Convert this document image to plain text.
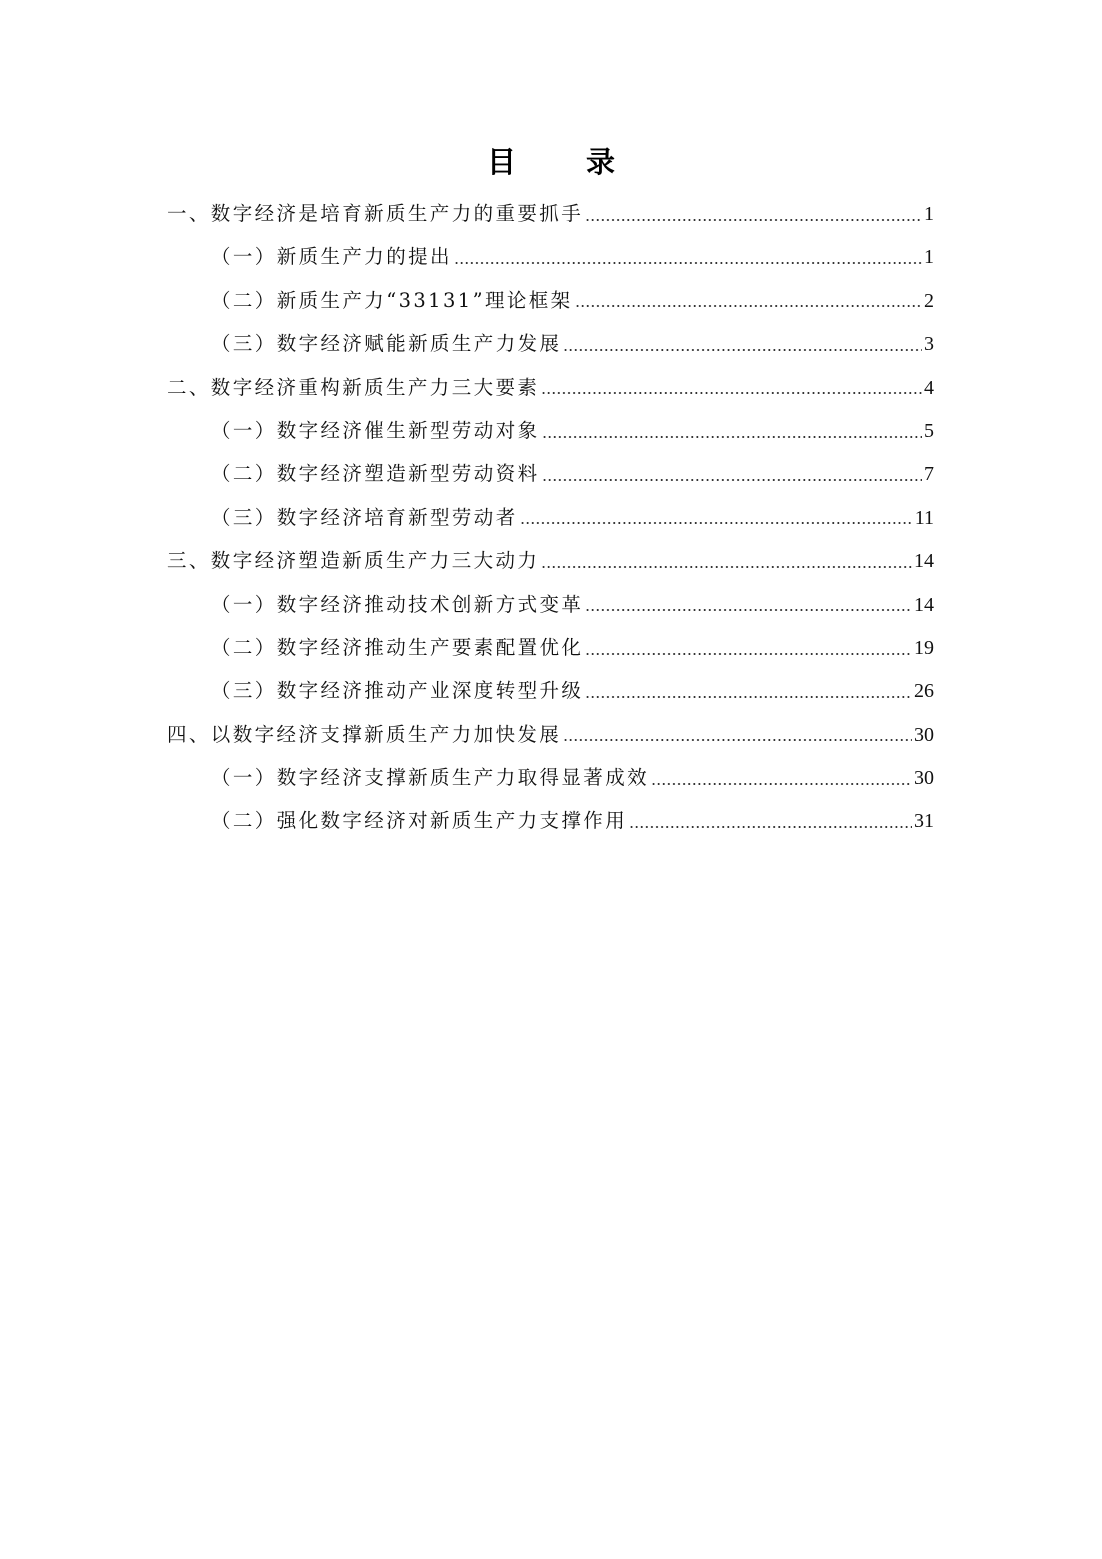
目 录
一、数字经济是培育新质生产力的重要抓手	1
（一）新质生产力的提出	1
（二）新质生产力“33131”理论框架	2
（三）数字经济赋能新质生产力发展	3
二、数字经济重构新质生产力三大要素	4
（一）数字经济催生新型劳动对象	5
（二）数字经济塑造新型劳动资料	7
（三）数字经济培育新型劳动者	11
三、数字经济塑造新质生产力三大动力	14
（一）数字经济推动技术创新方式变革	14
（二）数字经济推动生产要素配置优化	19
（三）数字经济推动产业深度转型升级	26
四、以数字经济支撑新质生产力加快发展	30
（一）数字经济支撑新质生产力取得显著成效	30
（二）强化数字经济对新质生产力支撑作用	31
